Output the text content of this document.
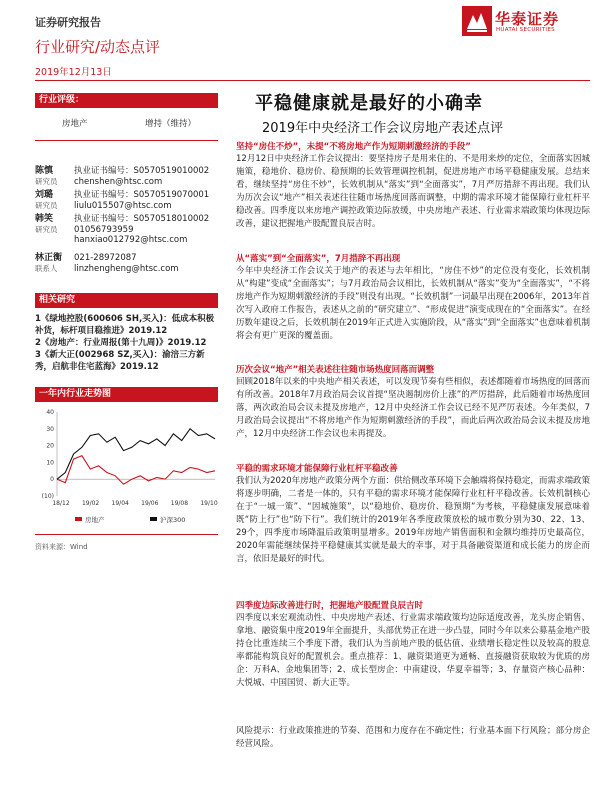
证券研究报告	华泰证券
HUATAI SECURITIES
行业研究/动态点评
2019年12月13日
行业评级：
房地产	增持（维持）
陈慎
研究员
执业证书编号：S0570519010002
chenshen@htsc.com
刘璐
研究员
执业证书编号：S0570519070001
liulu015507@htsc.com
韩笑
研究员
执业证书编号：S0570518010002
01056793959
hanxiao012792@htsc.com
林正衡
联系人
021-28972087
linzhengheng@htsc.com
相关研究
1《绿地控股(600606 SH,买入)：低成本积极补货，标杆项目稳推进》2019.12
2《房地产：行业周报(第十九周)》2019.12
3《新大正(002968 SZ,买入)：渝涪三方新秀，启航非住宅蓝海》2019.12
一年内行业走势图
(10)
0
10
20
30
40
18/12 19/02 19/04 19/06 19/08 19/10
房地产	沪深300
资料来源：Wind
平稳健康就是最好的小确幸
2019年中央经济工作会议房地产表述点评
坚持“房住不炒”，未提“不将房地产作为短期刺激经济的手段”
12月12日中央经济工作会议提出：要坚持房子是用来住的、不是用来炒的定位，全面落实因城施策，稳地价、稳房价、稳预期的长效管理调控机制，促进房地产市场平稳健康发展。总结来看，继续坚持“房住不炒”，长效机制从“落实”到“全面落实”，7月严厉措辞不再出现。我们认为历次会议“地产”相关表述往往随市场热度回落而调整，中期的需求环境才能保障行业杠杆平稳改善。四季度以来房地产调控政策边际放缓，中央房地产表述、行业需求端政策均体现边际改善，建议把握地产股配置良辰吉时。
从“落实”到“全面落实”，7月措辞不再出现
今年中央经济工作会议关于地产的表述与去年相比，“房住不炒”的定位没有变化，长效机制从“构建”变成“全面落实”；与7月政治局会议相比，长效机制从“落实”变为“全面落实”，“不将房地产作为短期刺激经济的手段”则没有出现。“长效机制”一词最早出现在2006年，2013年首次写入政府工作报告，表述从之前的“研究建立”、“形成促进”演变成现在的“全面落实”。在经历数年建设之后，长效机制在2019年正式进入实施阶段，从“落实”到“全面落实”也意味着机制将会有更广更深的覆盖面。
历次会议“地产”相关表述往往随市场热度回落而调整
回顾2018年以来的中央地产相关表述，可以发现节奏有些相似，表述都随着市场热度的回落而有所改善。2018年7月政治局会议首提“坚决遏制房价上涨”的严厉措辞，此后随着市场热度回落，两次政治局会议未提及房地产，12月中央经济工作会议已经不见严厉表述。今年类似，7月政治局会议提出“不将房地产作为短期刺激经济的手段”，而此后两次政治局会议未提及房地产，12月中央经济工作会议也未再提及。
平稳的需求环境才能保障行业杠杆平稳改善
我们认为2020年房地产政策分两个方面：供给侧改革环境下会触端将保持稳定，而需求端政策将逐步明确，二者是一体的，只有平稳的需求环境才能保障行业杠杆平稳改善。长效机制核心在于“一城一策”、“因城施策”，以“稳地价、稳房价、稳预期”为考核，平稳健康发展意味着既“防上行”也“防下行”。我们统计的2019年各季度政策放松的城市数分别为30、22、13、29个，四季度市场降温后政策明显增多。2019年房地产销售面积和金额均维持历史最高位，2020年需能继续保持平稳健康其实就是最大的幸事，对于具备融资渠道和成长能力的房企而言，依旧是最好的时代。
四季度边际改善进行时，把握地产股配置良辰吉时
四季度以来宏观流动性、中央房地产表述、行业需求端政策均边际适度改善，龙头房企销售、拿地、融资集中度2019年全面提升，头部优势正在进一步凸显，同时今年以来公募基金地产股持仓比重连续三个季度下滑，我们认为当前地产股的低估值、业绩增长稳定性以及较高的股息率都能构筑良好的配置机会。重点推荐：1、融资渠道更为通畅、直接融资获取较为优质的房企：万科A、金地集团等；2、成长型房企：中南建设、华夏幸福等；3、存量资产核心品种：大悦城、中国国贸、新大正等。
风险提示：行业政策推进的节奏、范围和力度存在不确定性；行业基本面下行风险；部分房企经营风险。
